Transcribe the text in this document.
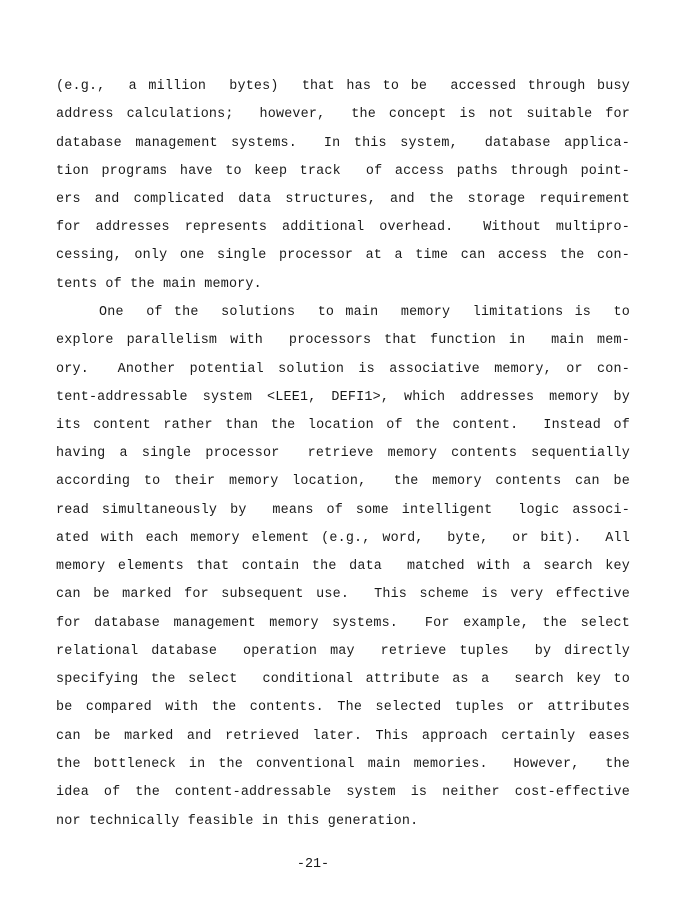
(e.g.,  a million  bytes)  that has to be  accessed through busy
address calculations;  however,  the concept is not suitable for
database management systems.  In this system,  database applica-
tion programs have to keep track  of access paths through point-
ers and complicated data structures, and the storage requirement
for addresses represents additional overhead.  Without multipro-
cessing, only one single processor at a time can access the con-
tents of the main memory.
One  of the  solutions  to main  memory  limitations is  to
explore parallelism with  processors that function in  main mem-
ory.  Another potential solution is associative memory, or con-
tent-addressable system <LEE1, DEFI1>, which addresses memory by
its content rather than the location of the content.  Instead of
having a single processor  retrieve memory contents sequentially
according to their memory location,  the memory contents can be
read simultaneously by  means of some intelligent  logic associ-
ated with each memory element (e.g., word,  byte,  or bit).  All
memory elements that contain the data  matched with a search key
can be marked for subsequent use.  This scheme is very effective
for database management memory systems.  For example, the select
relational database  operation may  retrieve tuples  by directly
specifying the select  conditional attribute as a  search key to
be compared with the contents. The selected tuples or attributes
can be marked and retrieved later. This approach certainly eases
the bottleneck in the conventional main memories.  However,  the
idea of the content-addressable system is neither cost-effective
nor technically feasible in this generation.
-21-
